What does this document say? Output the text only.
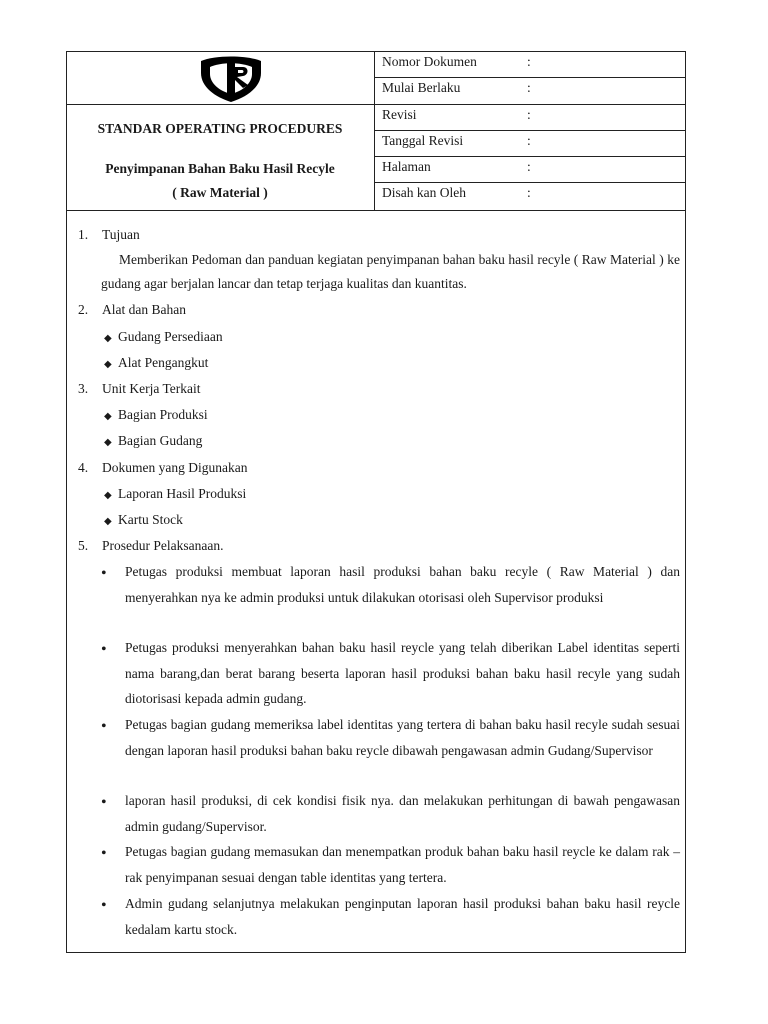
STANDAR OPERATING PROCEDURES
Penyimpanan Bahan Baku Hasil Recyle
( Raw Material )
Nomor Dokumen	:
Mulai Berlaku	:
Revisi	:
Tanggal Revisi	:
Halaman	:
Disah kan Oleh	:
1. Tujuan
Memberikan Pedoman dan panduan kegiatan penyimpanan bahan baku hasil recyle ( Raw Material ) ke gudang agar berjalan lancar dan tetap terjaga kualitas dan kuantitas.
2. Alat dan Bahan
◆ Gudang Persediaan
◆ Alat Pengangkut
3. Unit Kerja Terkait
◆ Bagian Produksi
◆ Bagian Gudang
4. Dokumen yang Digunakan
◆ Laporan Hasil Produksi
◆ Kartu Stock
5. Prosedur Pelaksanaan.
• Petugas produksi membuat laporan hasil produksi bahan baku recyle ( Raw Material ) dan menyerahkan nya ke admin produksi untuk dilakukan otorisasi oleh Supervisor produksi
• Petugas produksi menyerahkan bahan baku hasil reycle yang telah diberikan Label identitas seperti nama barang,dan berat barang beserta laporan hasil produksi bahan baku hasil recyle yang sudah diotorisasi kepada admin gudang.
• Petugas bagian gudang memeriksa label identitas yang tertera di bahan baku hasil recyle sudah sesuai dengan laporan hasil produksi bahan baku reycle dibawah pengawasan admin Gudang/Supervisor
• laporan hasil produksi, di cek kondisi fisik nya. dan melakukan perhitungan di bawah pengawasan admin gudang/Supervisor.
• Petugas bagian gudang memasukan dan menempatkan produk bahan baku hasil reycle ke dalam rak – rak penyimpanan sesuai dengan table identitas yang tertera.
• Admin gudang selanjutnya melakukan penginputan laporan hasil produksi bahan baku hasil reycle kedalam kartu stock.
